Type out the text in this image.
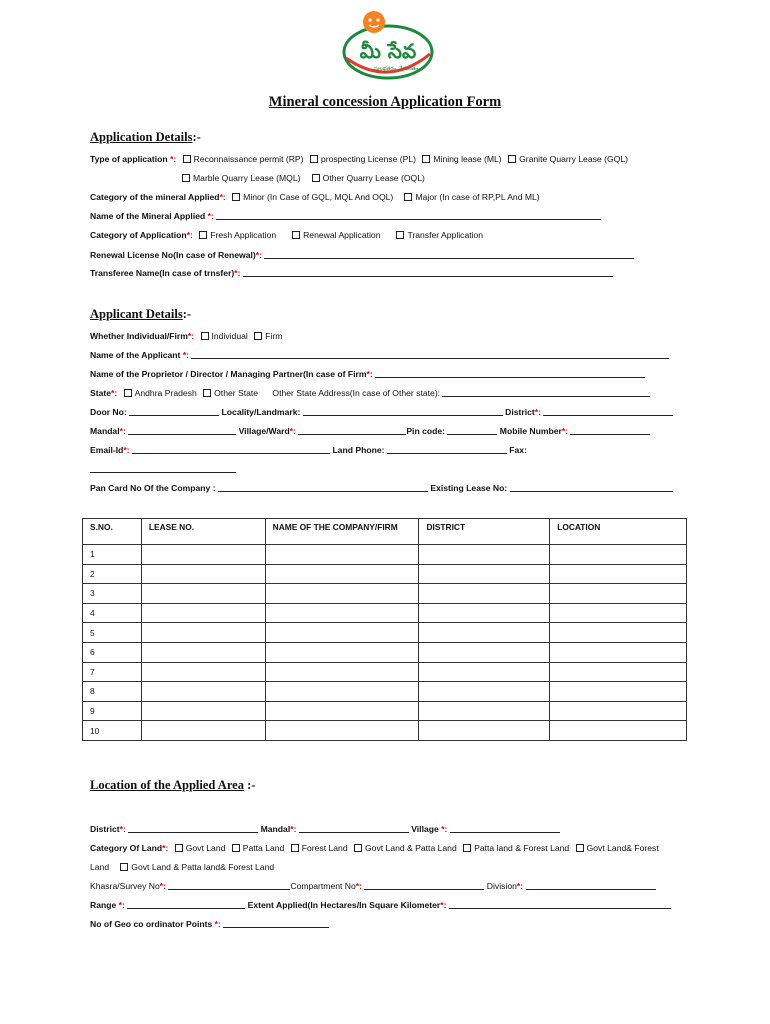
మీ సేవ
సులభతరం, వేగవంతం
Mineral concession Application Form
Application Details:-
Type of application *: Reconnaissance permit (RP) prospecting License (PL) Mining lease (ML) Granite Quarry Lease (GQL)
Marble Quarry Lease (MQL)	Other Quarry Lease (OQL)
Category of the mineral Applied*: Minor (In Case of GQL, MQL And OQL)	Major (In case of RP,PL And ML)
Name of the Mineral Applied *:
Category of Application*: Fresh Application	Renewal Application	Transfer Application
Renewal License No(In case of Renewal)*:
Transferee Name(In case of trnsfer)*:
Applicant Details:-
Whether Individual/Firm*: Individual Firm
Name of the Applicant *:
Name of the Proprietor / Director / Managing Partner(In case of Firm*:
State*: Andhra Pradesh Other State Other State Address(In case of Other state):
Door No:	Locality/Landmark:	District*:
Mandal*:	Village/Ward*:	Pin code:	Mobile Number*:
Email-Id*:	Land Phone:	Fax:
Pan Card No Of the Company :	Existing Lease No:
S.NO.	LEASE NO.	NAME OF THE COMPANY/FIRM	DISTRICT	LOCATION
1				
2				
3				
4				
5				
6				
7				
8				
9				
10				
Location of the Applied Area :-
District*:	Mandal*:	Village *:
Category Of Land*: Govt Land Patta Land Forest Land Govt Land & Patta Land Patta land & Forest Land Govt Land& Forest
Land	Govt Land & Patta land& Forest Land
Khasra/Survey No*:	Compartment No*:	Division*:
Range *:	Extent Applied(In Hectares/In Square Kilometer*:
No of Geo co ordinator Points *:
